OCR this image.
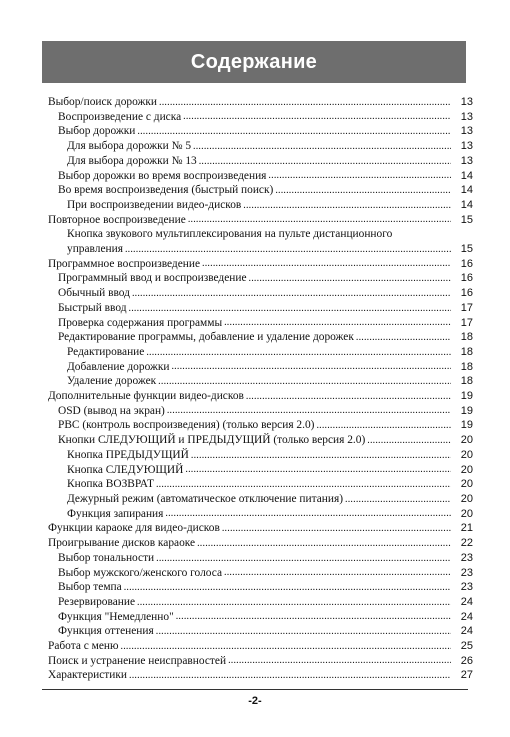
Содержание
Выбор/поиск дорожки .....	13
Воспроизведение с диска .....	13
Выбор дорожки .....	13
Для выбора дорожки № 5 .....	13
Для выбора дорожки № 13 .....	13
Выбор дорожки во время воспроизведения .....	14
Во время воспроизведения (быстрый поиск) .....	14
При воспроизведении видео-дисков .....	14
Повторное воспроизведение .....	15
Кнопка звукового мультиплексирования на пульте дистанционного
управления .....	15
Программное воспроизведение .....	16
Программный ввод и воспроизведение .....	16
Обычный ввод .....	16
Быстрый ввод .....	17
Проверка содержания программы .....	17
Редактирование программы, добавление и удаление дорожек .....	18
Редактирование .....	18
Добавление дорожки .....	18
Удаление дорожек .....	18
Дополнительные функции видео-дисков .....	19
OSD (вывод на экран) .....	19
PBC (контроль воспроизведения) (только версия 2.0) .....	19
Кнопки СЛЕДУЮЩИЙ и ПРЕДЫДУЩИЙ (только версия 2.0) .....	20
Кнопка ПРЕДЫДУЩИЙ .....	20
Кнопка СЛЕДУЮЩИЙ .....	20
Кнопка ВОЗВРАТ .....	20
Дежурный режим (автоматическое отключение питания) .....	20
Функция запирания .....	20
Функции караоке для видео-дисков .....	21
Проигрывание дисков караоке .....	22
Выбор тональности .....	23
Выбор мужского/женского голоса .....	23
Выбор темпа .....	23
Резервирование .....	24
Функция "Немедленно" .....	24
Функция оттенения .....	24
Работа с меню .....	25
Поиск и устранение неисправностей .....	26
Характеристики .....	27
-2-
